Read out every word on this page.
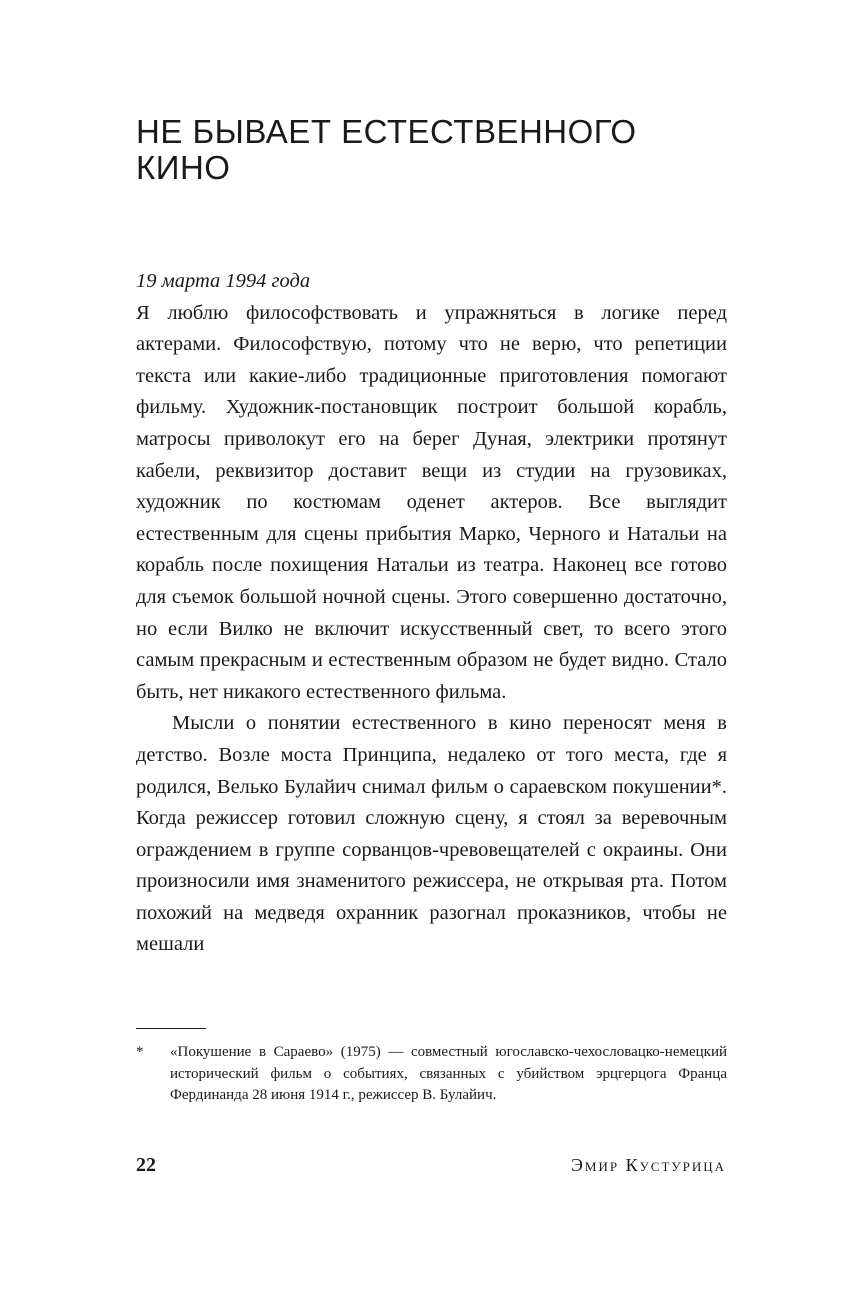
НЕ БЫВАЕТ ЕСТЕСТВЕННОГО
КИНО

19 марта 1994 года

Я люблю философствовать и упражняться в логике перед актерами. Философствую, потому что не верю, что репетиции текста или какие-либо традиционные приготовления помогают фильму. Художник-постановщик построит большой корабль, матросы приволокут его на берег Дуная, электрики протянут кабели, реквизитор доставит вещи из студии на грузовиках, художник по костюмам оденет актеров. Все выглядит естественным для сцены прибытия Марко, Черного и Натальи на корабль после похищения Натальи из театра. Наконец все готово для съемок большой ночной сцены. Этого совершенно достаточно, но если Вилко не включит искусственный свет, то всего этого самым прекрасным и естественным образом не будет видно. Стало быть, нет никакого естественного фильма.

Мысли о понятии естественного в кино переносят меня в детство. Возле моста Принципа, недалеко от того места, где я родился, Велько Булайич снимал фильм о сараевском покушении*. Когда режиссер готовил сложную сцену, я стоял за веревочным ограждением в группе сорванцов-чревовещателей с окраины. Они произносили имя знаменитого режиссера, не открывая рта. Потом похожий на медведя охранник разогнал проказников, чтобы не мешали

* «Покушение в Сараево» (1975) — совместный югославско-чехословацко-немецкий исторический фильм о событиях, связанных с убийством эрцгерцога Франца Фердинанда 28 июня 1914 г., режиссер В. Булайич.
22	Эмир Кустурица
